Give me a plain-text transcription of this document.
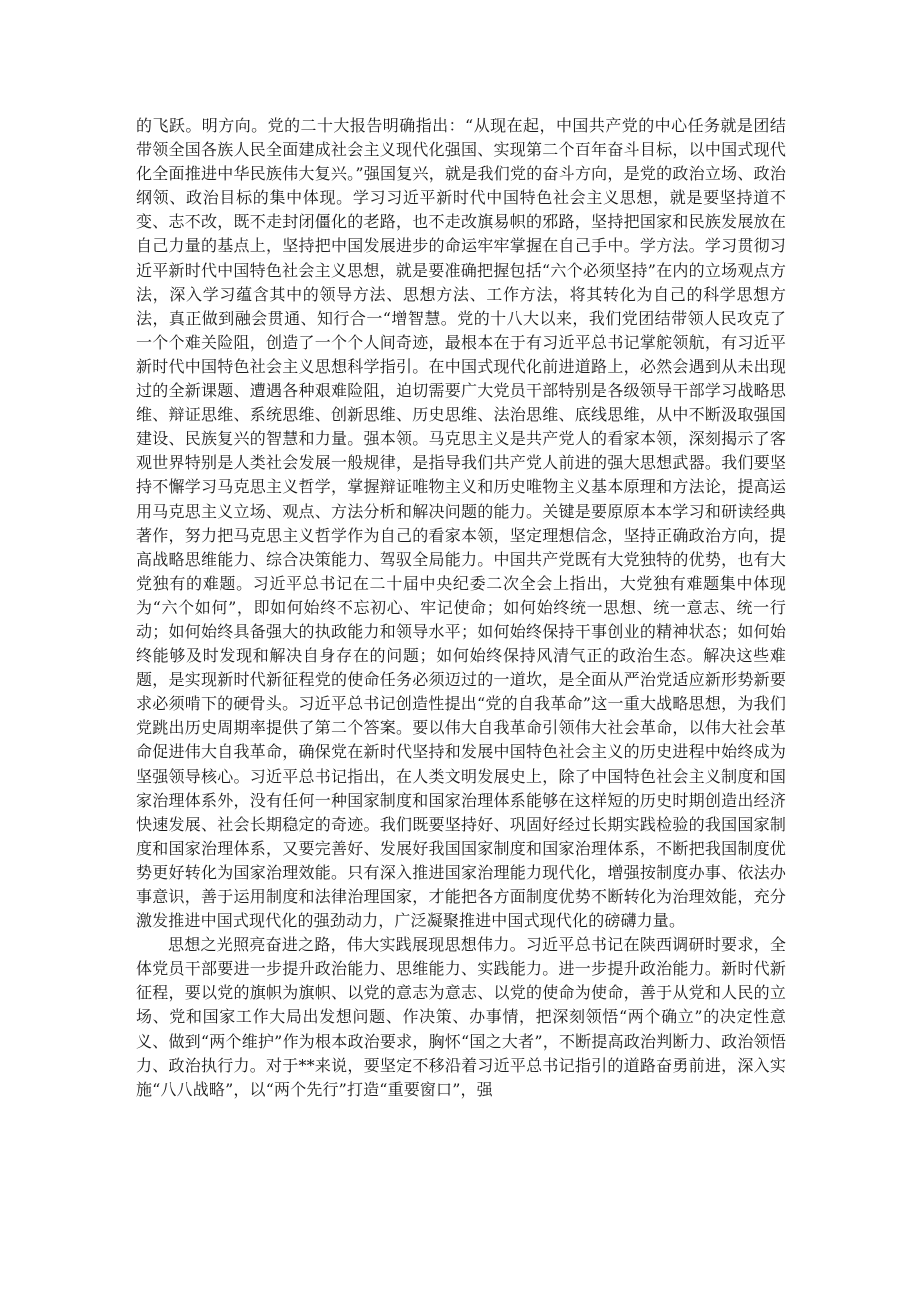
的飞跃。明方向。党的二十大报告明确指出：“从现在起，中国共产党的中心任务就是团结带领全国各族人民全面建成社会主义现代化强国、实现第二个百年奋斗目标，以中国式现代化全面推进中华民族伟大复兴。”强国复兴，就是我们党的奋斗方向，是党的政治立场、政治纲领、政治目标的集中体现。学习习近平新时代中国特色社会主义思想，就是要坚持道不变、志不改，既不走封闭僵化的老路，也不走改旗易帜的邪路，坚持把国家和民族发展放在自己力量的基点上，坚持把中国发展进步的命运牢牢掌握在自己手中。学方法。学习贯彻习近平新时代中国特色社会主义思想，就是要准确把握包括“六个必须坚持”在内的立场观点方法，深入学习蕴含其中的领导方法、思想方法、工作方法，将其转化为自己的科学思想方法，真正做到融会贯通、知行合一“增智慧。党的十八大以来，我们党团结带领人民攻克了一个个难关险阻，创造了一个个人间奇迹，最根本在于有习近平总书记掌舵领航，有习近平新时代中国特色社会主义思想科学指引。在中国式现代化前进道路上，必然会遇到从未出现过的全新课题、遭遇各种艰难险阻，迫切需要广大党员干部特别是各级领导干部学习战略思维、辩证思维、系统思维、创新思维、历史思维、法治思维、底线思维，从中不断汲取强国建设、民族复兴的智慧和力量。强本领。马克思主义是共产党人的看家本领，深刻揭示了客观世界特别是人类社会发展一般规律，是指导我们共产党人前进的强大思想武器。我们要坚持不懈学习马克思主义哲学，掌握辩证唯物主义和历史唯物主义基本原理和方法论，提高运用马克思主义立场、观点、方法分析和解决问题的能力。关键是要原原本本学习和研读经典著作，努力把马克思主义哲学作为自己的看家本领，坚定理想信念，坚持正确政治方向，提高战略思维能力、综合决策能力、驾驭全局能力。中国共产党既有大党独特的优势，也有大党独有的难题。习近平总书记在二十届中央纪委二次全会上指出，大党独有难题集中体现为“六个如何”，即如何始终不忘初心、牢记使命；如何始终统一思想、统一意志、统一行动；如何始终具备强大的执政能力和领导水平；如何始终保持干事创业的精神状态；如何始终能够及时发现和解决自身存在的问题；如何始终保持风清气正的政治生态。解决这些难题，是实现新时代新征程党的使命任务必须迈过的一道坎，是全面从严治党适应新形势新要求必须啃下的硬骨头。习近平总书记创造性提出“党的自我革命”这一重大战略思想，为我们党跳出历史周期率提供了第二个答案。要以伟大自我革命引领伟大社会革命，以伟大社会革命促进伟大自我革命，确保党在新时代坚持和发展中国特色社会主义的历史进程中始终成为坚强领导核心。习近平总书记指出，在人类文明发展史上，除了中国特色社会主义制度和国家治理体系外，没有任何一种国家制度和国家治理体系能够在这样短的历史时期创造出经济快速发展、社会长期稳定的奇迹。我们既要坚持好、巩固好经过长期实践检验的我国国家制度和国家治理体系，又要完善好、发展好我国国家制度和国家治理体系，不断把我国制度优势更好转化为国家治理效能。只有深入推进国家治理能力现代化，增强按制度办事、依法办事意识，善于运用制度和法律治理国家，才能把各方面制度优势不断转化为治理效能，充分激发推进中国式现代化的强劲动力，广泛凝聚推进中国式现代化的磅礴力量。

思想之光照亮奋进之路，伟大实践展现思想伟力。习近平总书记在陕西调研时要求，全体党员干部要进一步提升政治能力、思维能力、实践能力。进一步提升政治能力。新时代新征程，要以党的旗帜为旗帜、以党的意志为意志、以党的使命为使命，善于从党和人民的立场、党和国家工作大局出发想问题、作决策、办事情，把深刻领悟“两个确立”的决定性意义、做到“两个维护”作为根本政治要求，胸怀“国之大者”，不断提高政治判断力、政治领悟力、政治执行力。对于**来说，要坚定不移沿着习近平总书记指引的道路奋勇前进，深入实施“八八战略”，以“两个先行”打造“重要窗口”，强
